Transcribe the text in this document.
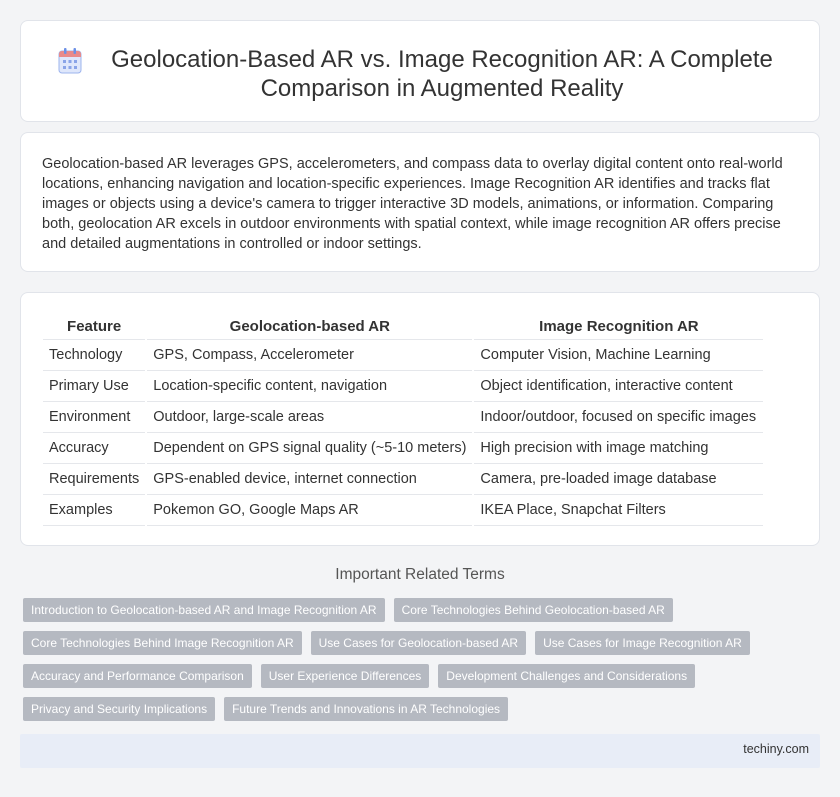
Geolocation-Based AR vs. Image Recognition AR: A Complete Comparison in Augmented Reality

Geolocation-based AR leverages GPS, accelerometers, and compass data to overlay digital content onto real-world locations, enhancing navigation and location-specific experiences. Image Recognition AR identifies and tracks flat images or objects using a device's camera to trigger interactive 3D models, animations, or information. Comparing both, geolocation AR excels in outdoor environments with spatial context, while image recognition AR offers precise and detailed augmentations in controlled or indoor settings.

Feature	Geolocation-based AR	Image Recognition AR
Technology	GPS, Compass, Accelerometer	Computer Vision, Machine Learning
Primary Use	Location-specific content, navigation	Object identification, interactive content
Environment	Outdoor, large-scale areas	Indoor/outdoor, focused on specific images
Accuracy	Dependent on GPS signal quality (~5-10 meters)	High precision with image matching
Requirements	GPS-enabled device, internet connection	Camera, pre-loaded image database
Examples	Pokemon GO, Google Maps AR	IKEA Place, Snapchat Filters
Important Related Terms
Introduction to Geolocation-based AR and Image Recognition AR	Core Technologies Behind Geolocation-based AR
Core Technologies Behind Image Recognition AR	Use Cases for Geolocation-based AR	Use Cases for Image Recognition AR
Accuracy and Performance Comparison	User Experience Differences	Development Challenges and Considerations
Privacy and Security Implications	Future Trends and Innovations in AR Technologies
techiny.com
